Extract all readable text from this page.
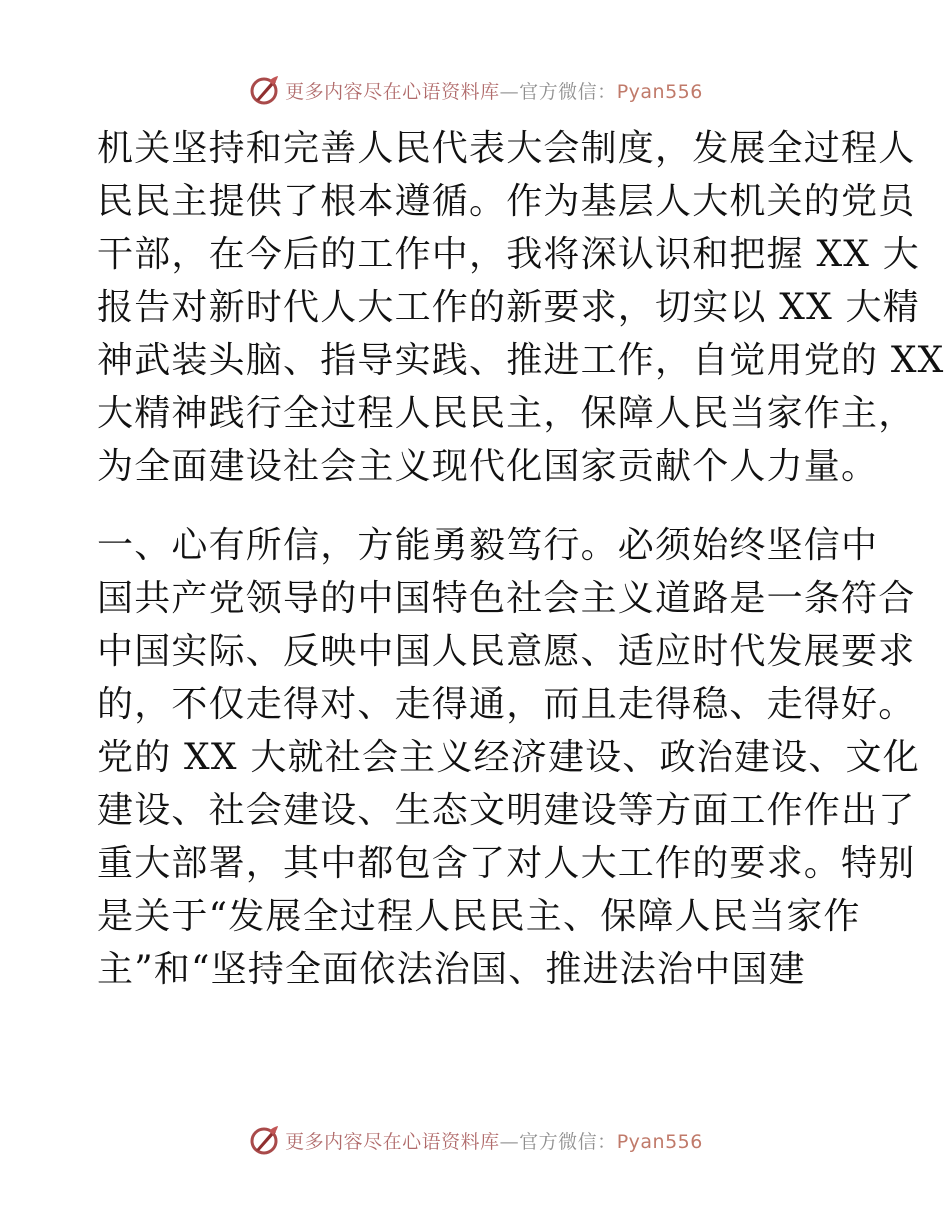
更多内容尽在心语资料库—官方微信：Pyan556
机关坚持和完善人民代表大会制度，发展全过程人
民民主提供了根本遵循。作为基层人大机关的党员
干部，在今后的工作中，我将深认识和把握 XX 大
报告对新时代人大工作的新要求，切实以 XX 大精
神武装头脑、指导实践、推进工作，自觉用党的 XX
大精神践行全过程人民民主，保障人民当家作主，
为全面建设社会主义现代化国家贡献个人力量。
一、心有所信，方能勇毅笃行。必须始终坚信中
国共产党领导的中国特色社会主义道路是一条符合
中国实际、反映中国人民意愿、适应时代发展要求
的，不仅走得对、走得通，而且走得稳、走得好。
党的 XX 大就社会主义经济建设、政治建设、文化
建设、社会建设、生态文明建设等方面工作作出了
重大部署，其中都包含了对人大工作的要求。特别
是关于“发展全过程人民民主、保障人民当家作
主”和“坚持全面依法治国、推进法治中国建
更多内容尽在心语资料库—官方微信：Pyan556
